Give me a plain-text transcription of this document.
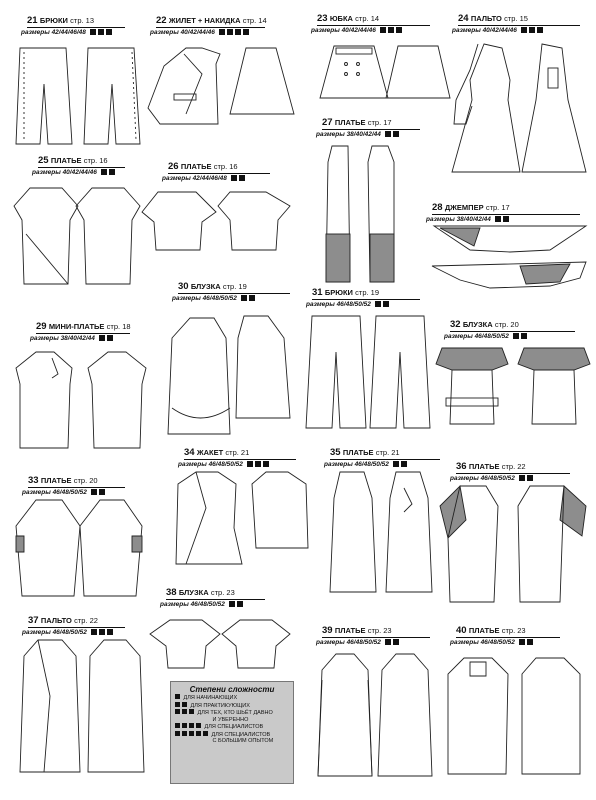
21 БРЮКИ стр. 13
размеры 42/44/46/48
22 ЖИЛЕТ + НАКИДКА стр. 14
размеры 40/42/44/46
23 ЮБКА стр. 14
размеры 40/42/44/46
24 ПАЛЬТО стр. 15
размеры 40/42/44/46
25 ПЛАТЬЕ стр. 16
размеры 40/42/44/46
26 ПЛАТЬЕ стр. 16
размеры 42/44/46/48
27 ПЛАТЬЕ стр. 17
размеры 38/40/42/44
28 ДЖЕМПЕР стр. 17
размеры 38/40/42/44
29 МИНИ-ПЛАТЬЕ стр. 18
размеры 38/40/42/44
30 БЛУЗКА стр. 19
размеры 46/48/50/52
31 БРЮКИ стр. 19
размеры 46/48/50/52
32 БЛУЗКА стр. 20
размеры 46/48/50/52
33 ПЛАТЬЕ стр. 20
размеры 46/48/50/52
34 ЖАКЕТ стр. 21
размеры 46/48/50/52
35 ПЛАТЬЕ стр. 21
размеры 46/48/50/52	36 ПЛАТЬЕ стр. 22
размеры 46/48/50/52
37 ПАЛЬТО стр. 22
размеры 46/48/50/52
38 БЛУЗКА стр. 23
размеры 46/48/50/52
39 ПЛАТЬЕ стр. 23
размеры 46/48/50/52
40 ПЛАТЬЕ стр. 23
размеры 46/48/50/52
Степени сложности
ДЛЯ НАЧИНАЮЩИХ
ДЛЯ ПРАКТИКУЮЩИХ
ДЛЯ ТЕХ, КТО ШЬЁТ ДАВНО
И УВЕРЕННО
ДЛЯ СПЕЦИАЛИСТОВ
ДЛЯ СПЕЦИАЛИСТОВ
С БОЛЬШИМ ОПЫТОМ
